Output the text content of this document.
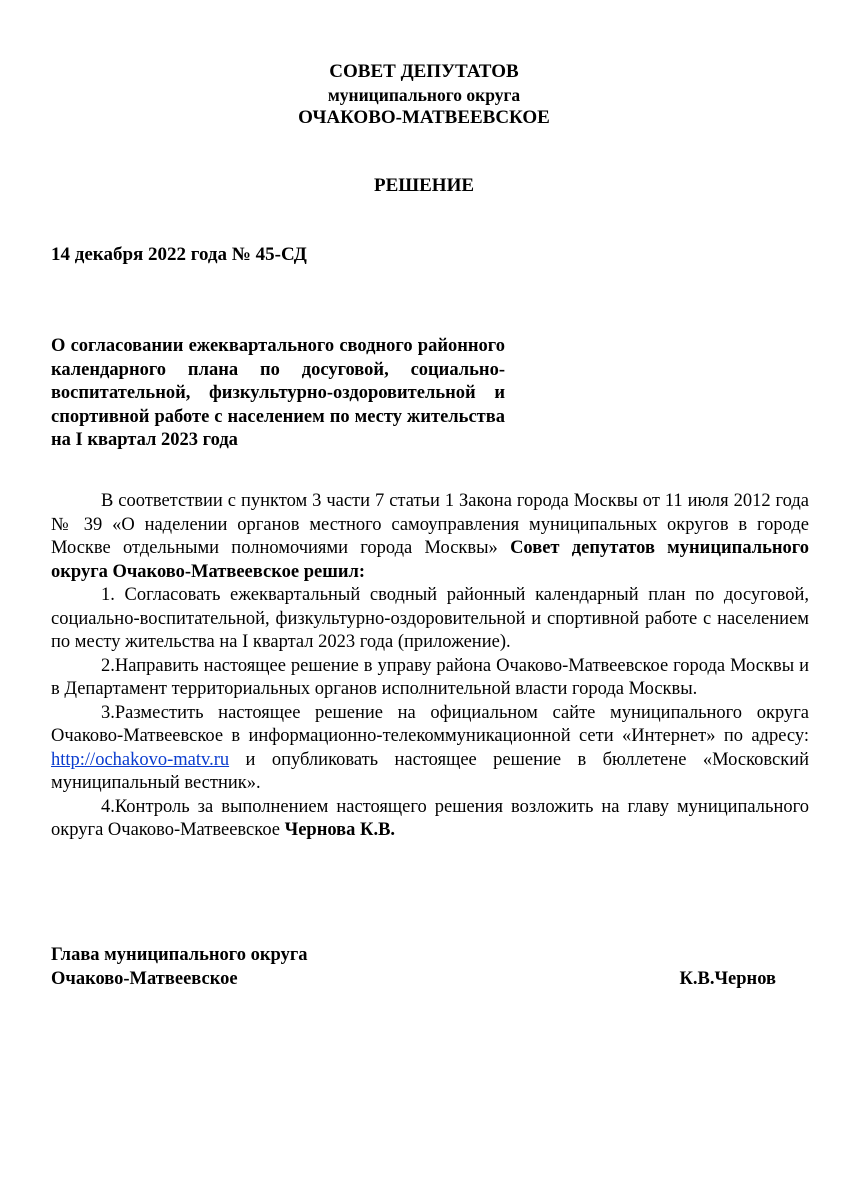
СОВЕТ ДЕПУТАТОВ
муниципального округа
ОЧАКОВО-МАТВЕЕВСКОЕ
РЕШЕНИЕ
14 декабря 2022 года № 45-СД
О согласовании ежеквартального сводного районного календарного плана по досуговой, социально-воспитательной, физкультурно-оздоровительной и спортивной работе с населением по месту жительства на I квартал 2023 года

В соответствии с пунктом 3 части 7 статьи 1 Закона города Москвы от 11 июля 2012 года № 39 «О наделении органов местного самоуправления муниципальных округов в городе Москве отдельными полномочиями города Москвы» Совет депутатов муниципального округа Очаково-Матвеевское решил:

1. Согласовать ежеквартальный сводный районный календарный план по досуговой, социально-воспитательной, физкультурно-оздоровительной и спортивной работе с населением по месту жительства на I квартал 2023 года (приложение).

2.Направить настоящее решение в управу района Очаково-Матвеевское города Москвы и в Департамент территориальных органов исполнительной власти города Москвы.

3.Разместить настоящее решение на официальном сайте муниципального округа Очаково-Матвеевское в информационно-телекоммуникационной сети «Интернет» по адресу: http://ochakovo-matv.ru и опубликовать настоящее решение в бюллетене «Московский муниципальный вестник».

4.Контроль за выполнением настоящего решения возложить на главу муниципального округа Очаково-Матвеевское Чернова К.В.

Глава муниципального округа
Очаково-Матвеевское	К.В.Чернов
